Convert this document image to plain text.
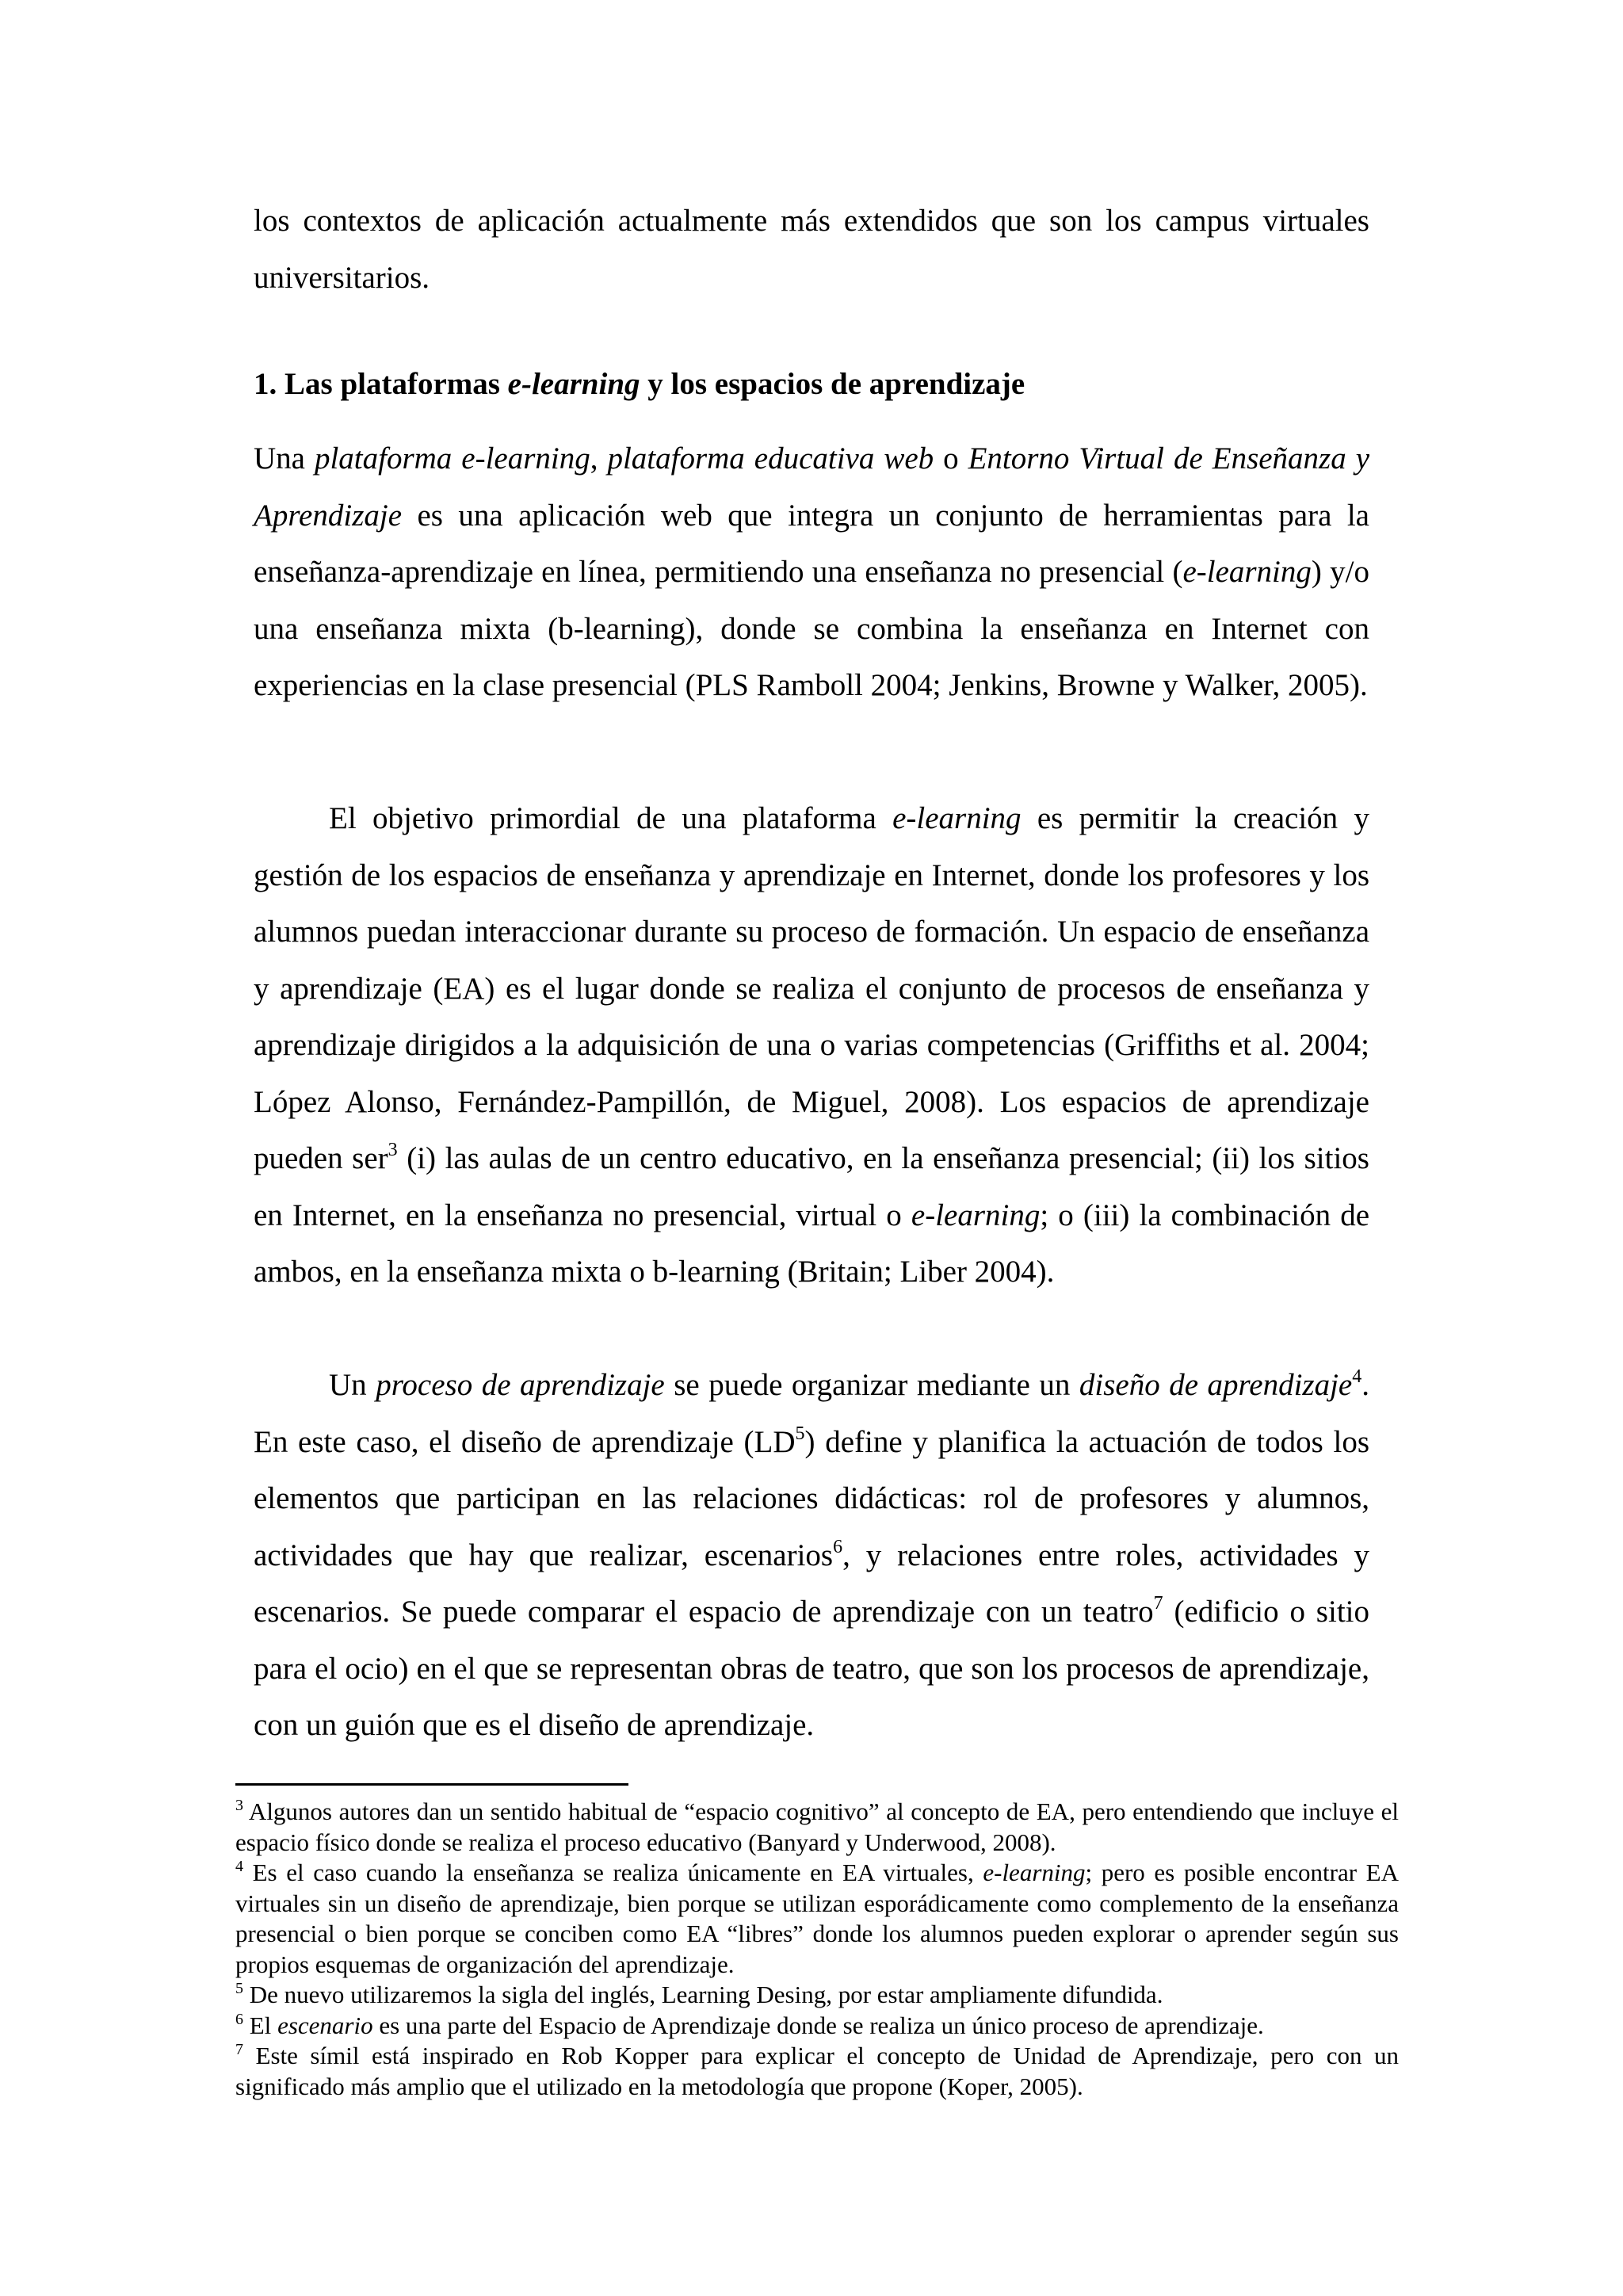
los contextos de aplicación actualmente más extendidos que son los campus virtuales universitarios.

1. Las plataformas e-learning y los espacios de aprendizaje

Una plataforma e-learning, plataforma educativa web o Entorno Virtual de Enseñanza y Aprendizaje es una aplicación web que integra un conjunto de herramientas para la enseñanza-aprendizaje en línea, permitiendo una enseñanza no presencial (e-learning) y/o una enseñanza mixta (b-learning), donde se combina la enseñanza en Internet con experiencias en la clase presencial (PLS Ramboll 2004; Jenkins, Browne y Walker, 2005).

El objetivo primordial de una plataforma e-learning es permitir la creación y gestión de los espacios de enseñanza y aprendizaje en Internet, donde los profesores y los alumnos puedan interaccionar durante su proceso de formación. Un espacio de enseñanza y aprendizaje (EA) es el lugar donde se realiza el conjunto de procesos de enseñanza y aprendizaje dirigidos a la adquisición de una o varias competencias (Griffiths et al. 2004; López Alonso, Fernández-Pampillón, de Miguel, 2008). Los espacios de aprendizaje pueden ser$^3$ (i) las aulas de un centro educativo, en la enseñanza presencial; (ii) los sitios en Internet, en la enseñanza no presencial, virtual o e-learning; o (iii) la combinación de ambos, en la enseñanza mixta o b-learning (Britain; Liber 2004).

Un proceso de aprendizaje se puede organizar mediante un diseño de aprendizaje$^4$. En este caso, el diseño de aprendizaje $(LD^5)$ define y planifica la actuación de todos los elementos que participan en las relaciones didácticas: rol de profesores y alumnos, actividades que hay que realizar, escenarios$^6$, y relaciones entre roles, actividades y escenarios. Se puede comparar el espacio de aprendizaje con un teatro$^7$ (edificio o sitio para el ocio) en el que se representan obras de teatro, que son los procesos de aprendizaje, con un guión que es el diseño de aprendizaje.

$^3$ Algunos autores dan un sentido habitual de “espacio cognitivo” al concepto de EA, pero entendiendo que incluye el espacio físico donde se realiza el proceso educativo (Banyard y Underwood, 2008).

$^4$ Es el caso cuando la enseñanza se realiza únicamente en EA virtuales, e-learning; pero es posible encontrar EA virtuales sin un diseño de aprendizaje, bien porque se utilizan esporádicamente como complemento de la enseñanza presencial o bien porque se conciben como EA “libres” donde los alumnos pueden explorar o aprender según sus propios esquemas de organización del aprendizaje.

$^5$ De nuevo utilizaremos la sigla del inglés, Learning Desing, por estar ampliamente difundida.

$^6$ El escenario es una parte del Espacio de Aprendizaje donde se realiza un único proceso de aprendizaje.

$^7$ Este símil está inspirado en Rob Kopper para explicar el concepto de Unidad de Aprendizaje, pero con un significado más amplio que el utilizado en la metodología que propone (Koper, 2005).
